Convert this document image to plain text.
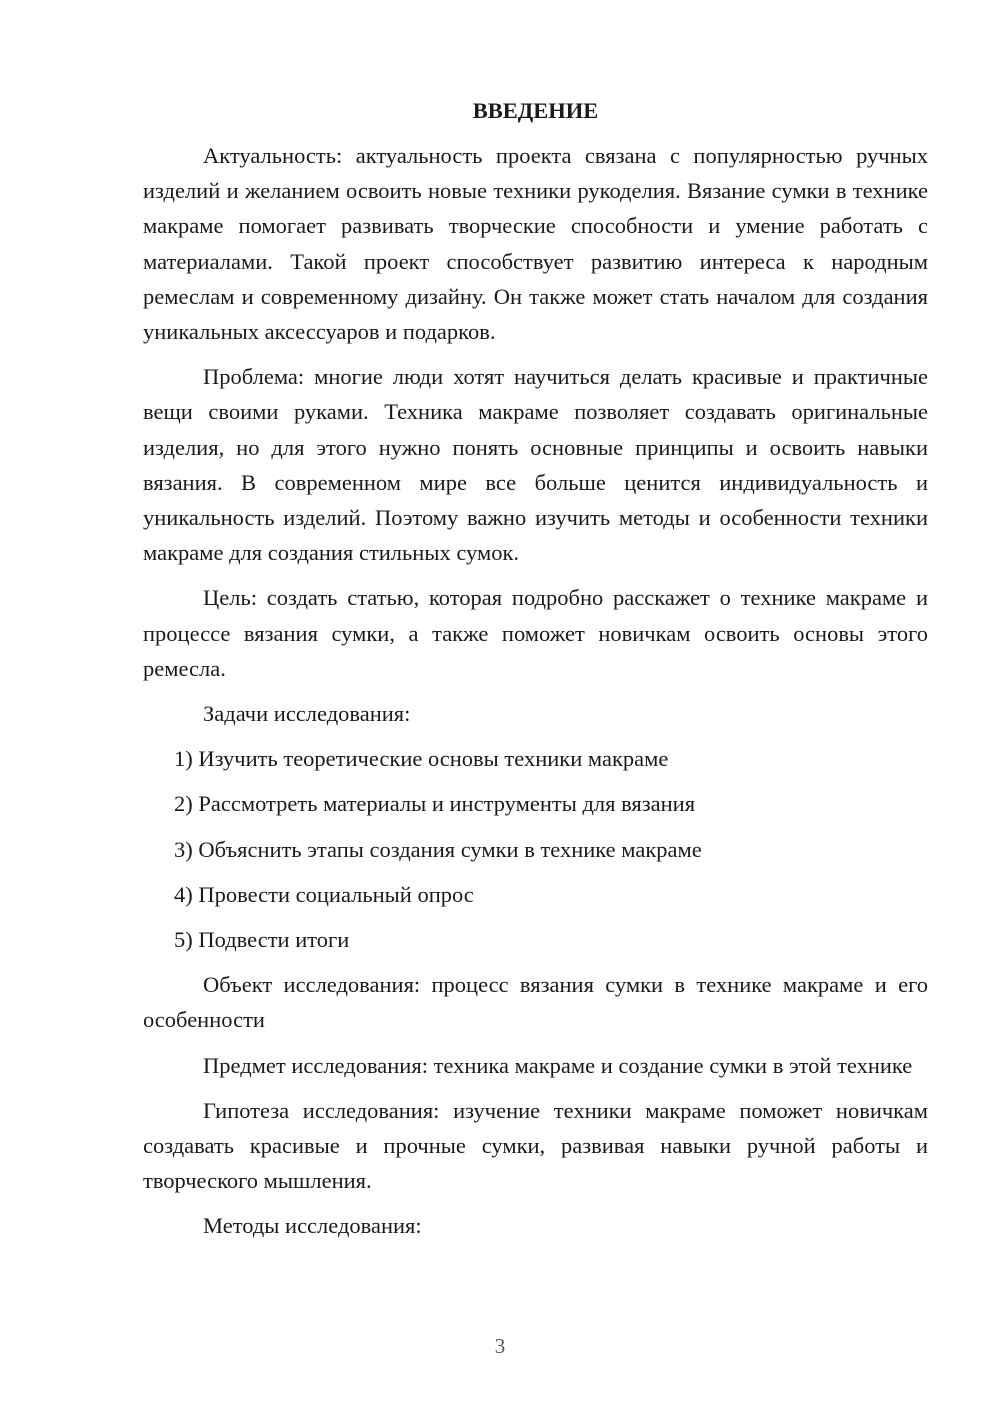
ВВЕДЕНИЕ

Актуальность: актуальность проекта связана с популярностью ручных изделий и желанием освоить новые техники рукоделия. Вязание сумки в технике макраме помогает развивать творческие способности и умение работать с материалами. Такой проект способствует развитию интереса к народным ремеслам и современному дизайну. Он также может стать началом для создания уникальных аксессуаров и подарков.

Проблема: многие люди хотят научиться делать красивые и практичные вещи своими руками. Техника макраме позволяет создавать оригинальные изделия, но для этого нужно понять основные принципы и освоить навыки вязания. В современном мире все больше ценится индивидуальность и уникальность изделий. Поэтому важно изучить методы и особенности техники макраме для создания стильных сумок.

Цель: создать статью, которая подробно расскажет о технике макраме и процессе вязания сумки, а также поможет новичкам освоить основы этого ремесла.

Задачи исследования:

1) Изучить теоретические основы техники макраме

2) Рассмотреть материалы и инструменты для вязания

3) Объяснить этапы создания сумки в технике макраме

4) Провести социальный опрос

5) Подвести итоги

Объект исследования: процесс вязания сумки в технике макраме и его особенности

Предмет исследования: техника макраме и создание сумки в этой технике

Гипотеза исследования: изучение техники макраме поможет новичкам создавать красивые и прочные сумки, развивая навыки ручной работы и творческого мышления.

Методы исследования:

3
